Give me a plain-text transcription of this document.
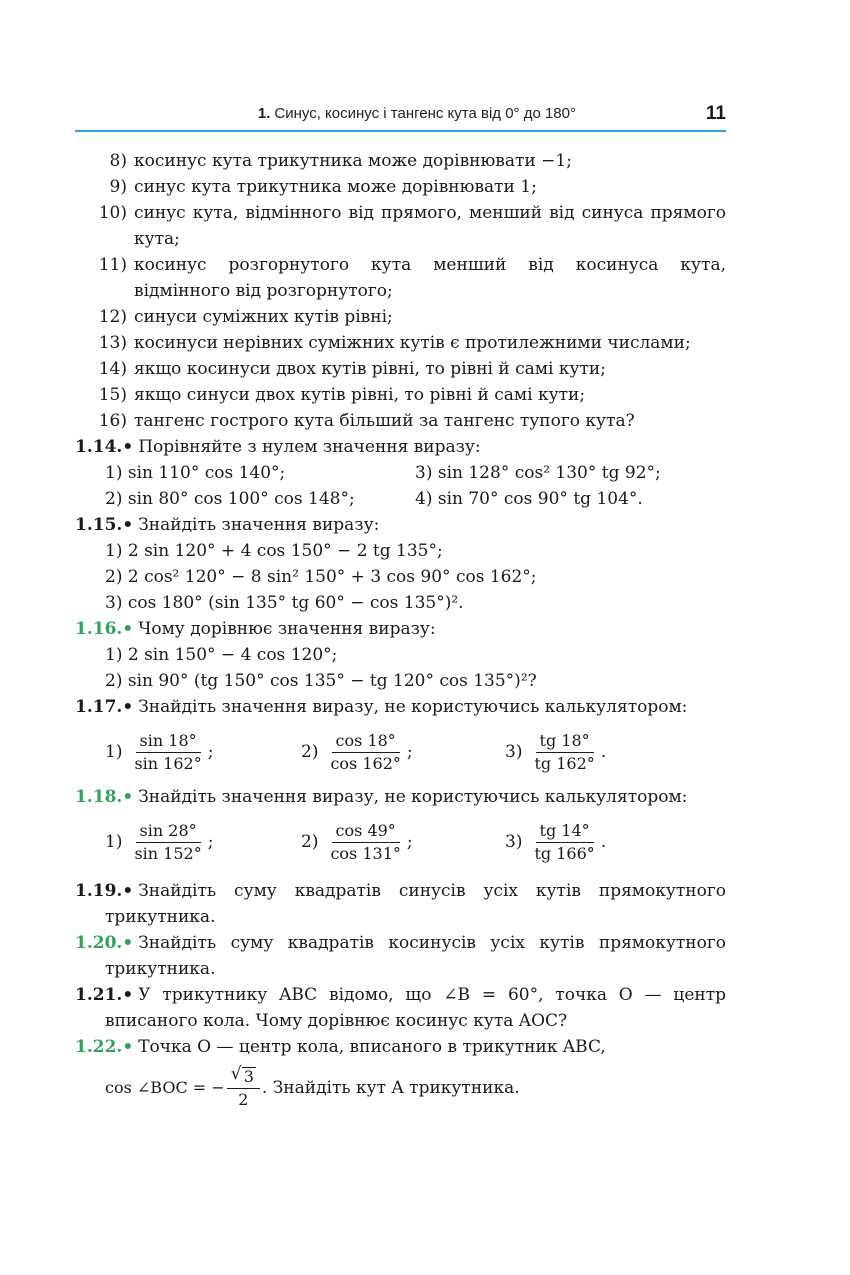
1. Синус, косинус і тангенс кута від 0° до 180°	11
8) косинус кута трикутника може дорівнювати −1;
9) синус кута трикутника може дорівнювати 1;
10) синус кута, відмінного від прямого, менший від синуса прямого кута;
11) косинус розгорнутого кута менший від косинуса кута, відмінного від розгорнутого;
12) синуси суміжних кутів рівні;
13) косинуси нерівних суміжних кутів є протилежними числами;
14) якщо косинуси двох кутів рівні, то рівні й самі кути;
15) якщо синуси двох кутів рівні, то рівні й самі кути;
16) тангенс гострого кута більший за тангенс тупого кута?
1.14.• Порівняйте з нулем значення виразу:
1) sin 110° cos 140°;	3) sin 128° cos² 130° tg 92°;
2) sin 80° cos 100° cos 148°;	4) sin 70° cos 90° tg 104°.
1.15.• Знайдіть значення виразу:
1) 2 sin 120° + 4 cos 150° − 2 tg 135°;
2) 2 cos² 120° − 8 sin² 150° + 3 cos 90° cos 162°;
3) cos 180° (sin 135° tg 60° − cos 135°)².
1.16.• Чому дорівнює значення виразу:
1) 2 sin 150° − 4 cos 120°;
2) sin 90° (tg 150° cos 135° − tg 120° cos 135°)²?
1.17.• Знайдіть значення виразу, не користуючись калькулятором:
$1) \frac{\sin 18^\circ}{\sin 162^\circ}$ ;	$2) \frac{\cos 18^\circ}{\cos 162^\circ}$ ;	$3) \frac{tg 18^\circ}{tg 162^\circ}$ .
1.18.• Знайдіть значення виразу, не користуючись калькулятором:
$1) \frac{\sin 28^\circ}{\sin 152^\circ}$ ;	$2) \frac{\cos 49^\circ}{\cos 131^\circ}$ ;	$3) \frac{tg 14^\circ}{tg 166^\circ}$ .
1.19.• Знайдіть суму квадратів синусів усіх кутів прямокутного трикутника.
1.20.• Знайдіть суму квадратів косинусів усіх кутів прямокутного трикутника.
1.21.• У трикутнику ABC відомо, що ∠B = 60°, точка O — центр вписаного кола. Чому дорівнює косинус кута AOC?
1.22.• Точка O — центр кола, вписаного в трикутник ABC,
cos ∠BOC = − $\frac{√ 3}{2}$ . Знайдіть кут A трикутника.
